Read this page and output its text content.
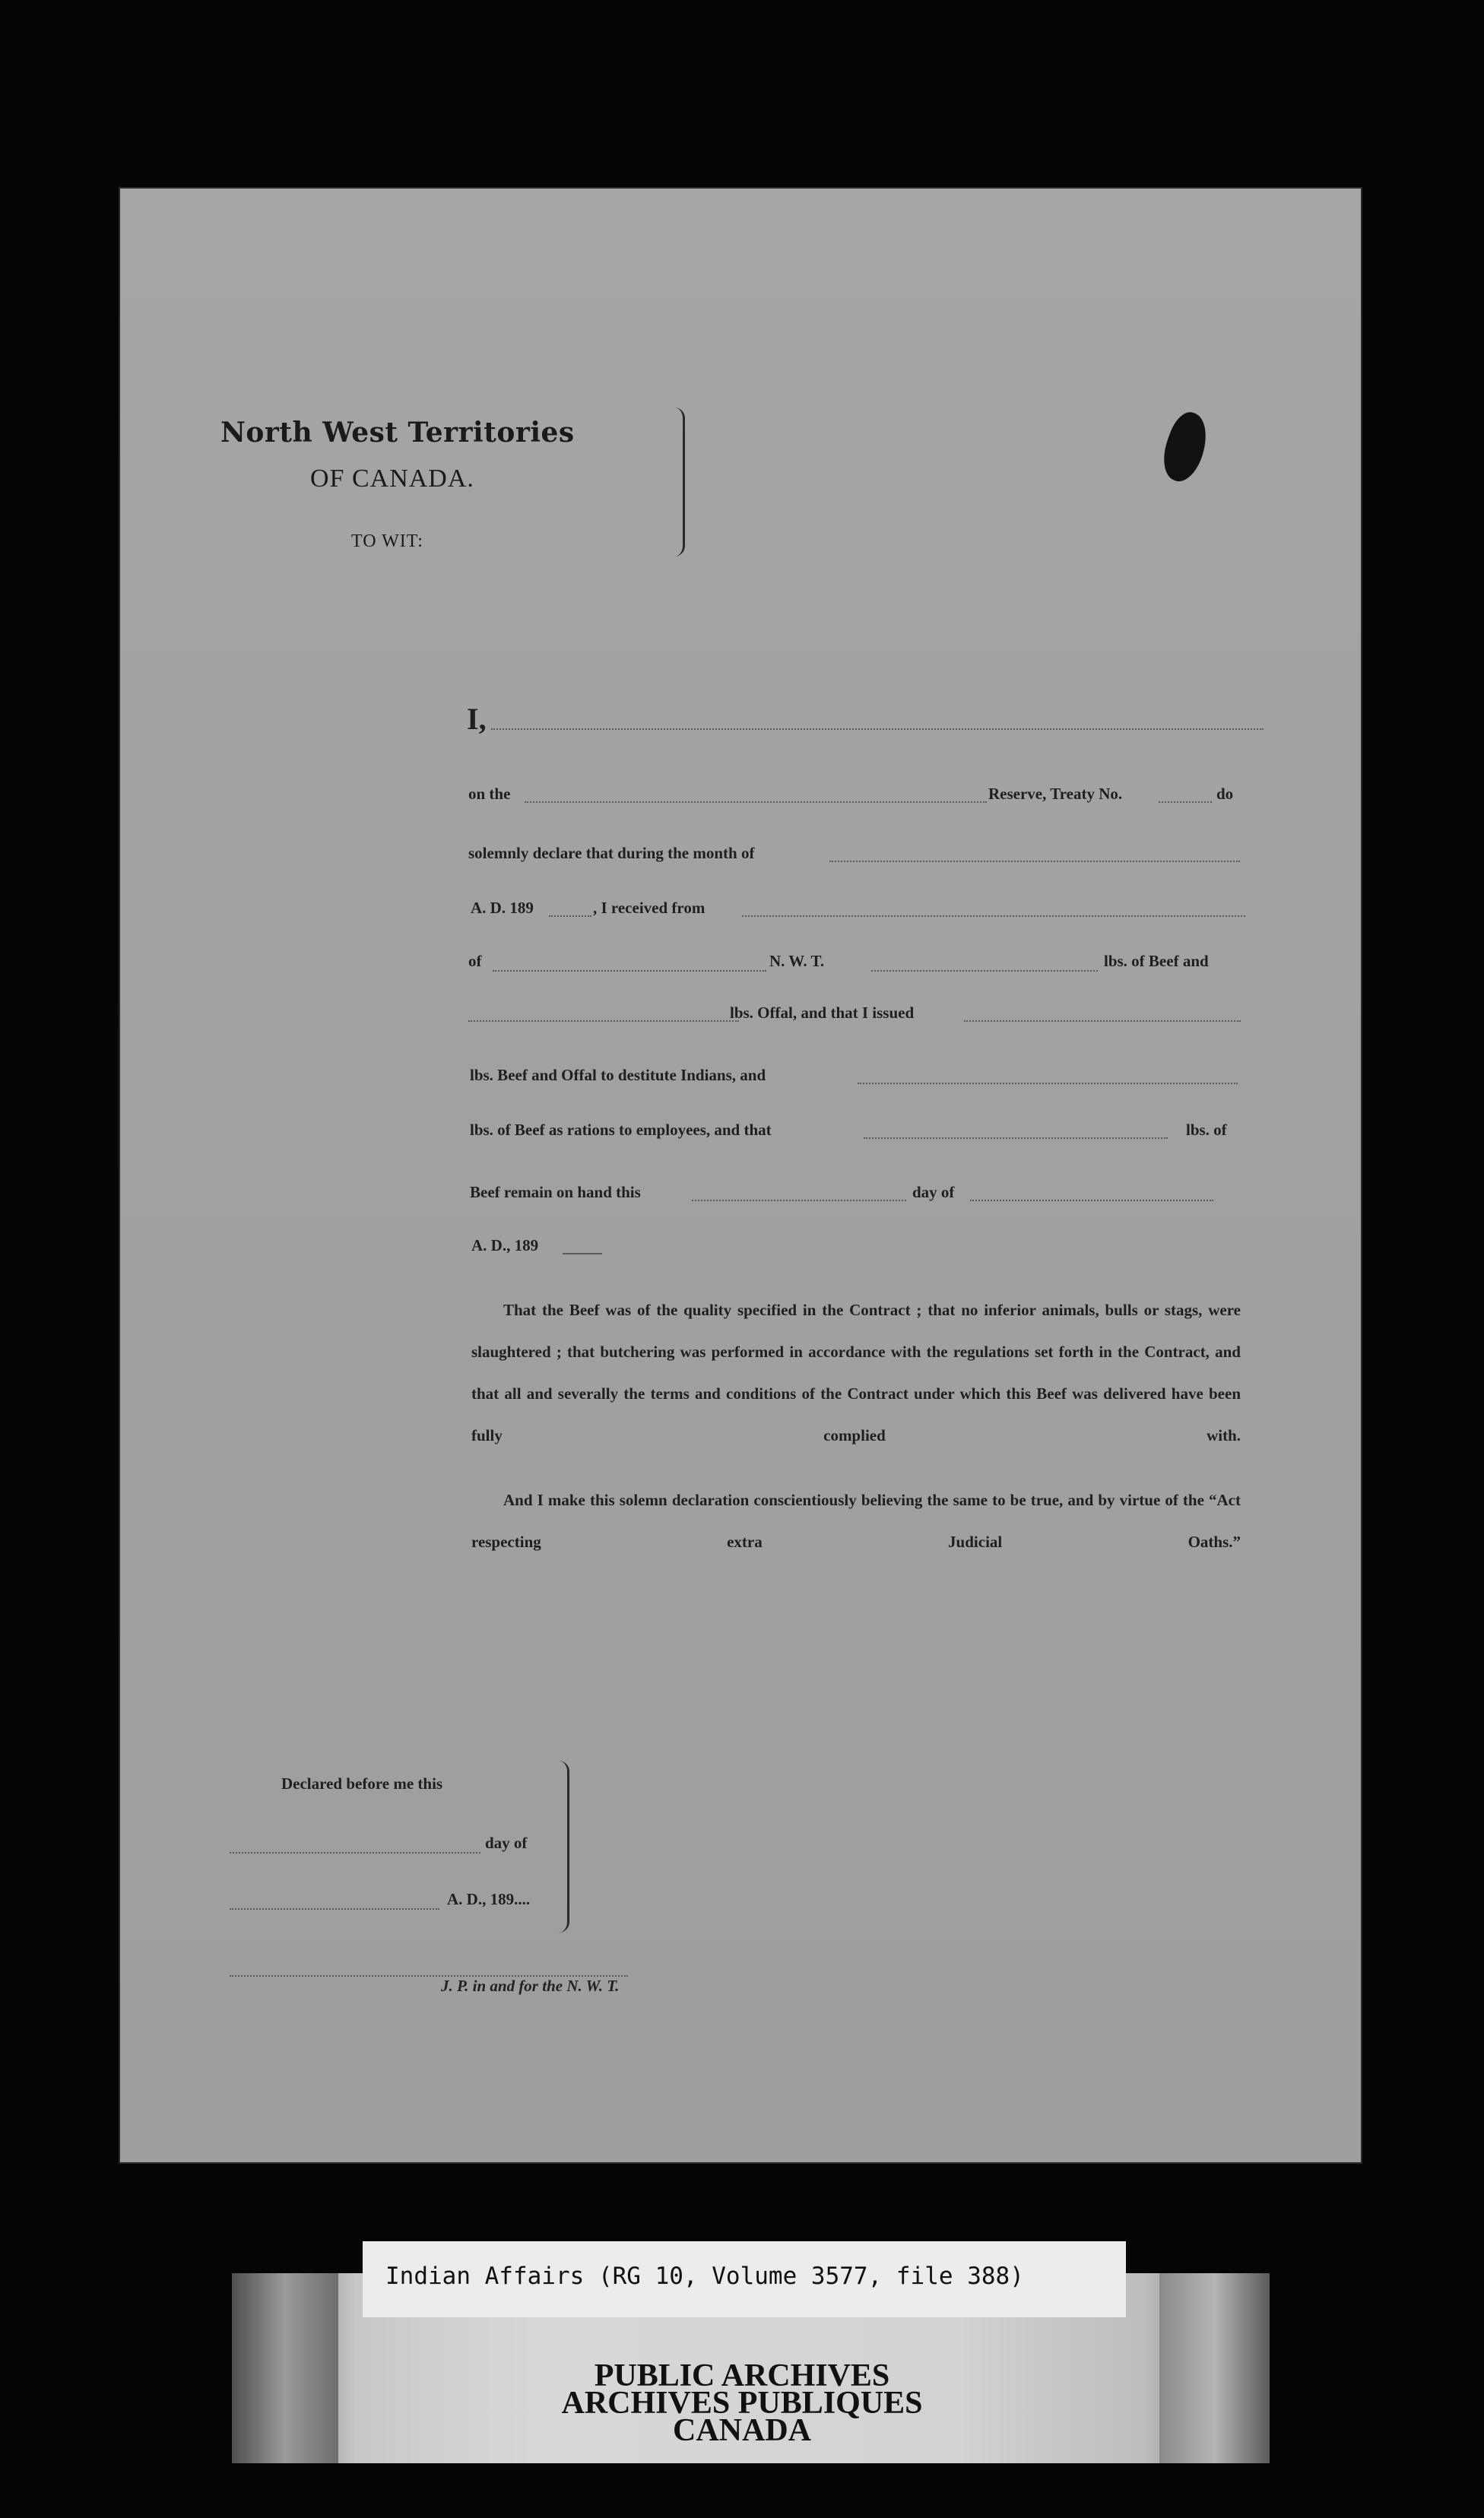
North West Territories
OF CANADA.
TO WIT:
I,
on the	Reserve, Treaty No.	do
solemnly declare that during the month of
A. D. 189	, I received from
of	N. W. T.	lbs. of Beef and
lbs. Offal, and that I issued
lbs. Beef and Offal to destitute Indians, and
lbs. of Beef as rations to employees, and that	lbs. of
Beef remain on hand this	day of
A. D., 189
That the Beef was of the quality specified in the Contract ; that no inferior animals, bulls or stags, were slaughtered ; that butchering was performed in accordance with the regulations set forth in the Contract, and that all and severally the terms and conditions of the Contract under which this Beef was delivered have been fully complied with.
And I make this solemn declaration conscientiously believing the same to be true, and by virtue of the “Act respecting extra Judicial Oaths.”
Declared before me this
day of
A. D., 189....
J. P. in and for the N. W. T.
Indian Affairs (RG 10, Volume 3577, file 388)
PUBLIC ARCHIVES
ARCHIVES PUBLIQUES
CANADA
